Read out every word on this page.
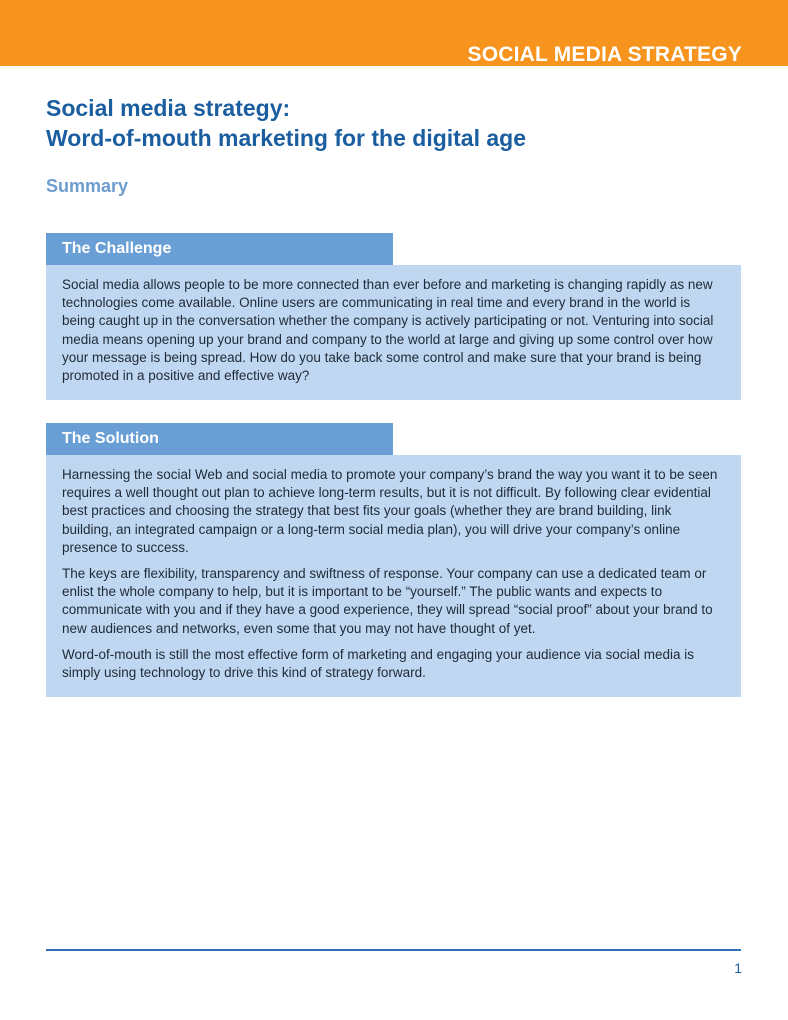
SOCIAL MEDIA STRATEGY
Social media strategy:
Word-of-mouth marketing for the digital age
Summary
The Challenge

Social media allows people to be more connected than ever before and marketing is changing rapidly as new technologies come available. Online users are communicating in real time and every brand in the world is being caught up in the conversation whether the company is actively participating or not. Venturing into social media means opening up your brand and company to the world at large and giving up some control over how your message is being spread. How do you take back some control and make sure that your brand is being promoted in a positive and effective way?

The Solution

Harnessing the social Web and social media to promote your company’s brand the way you want it to be seen requires a well thought out plan to achieve long-term results, but it is not difficult. By following clear evidential best practices and choosing the strategy that best fits your goals (whether they are brand building, link building, an integrated campaign or a long-term social media plan), you will drive your company’s online presence to success.

The keys are flexibility, transparency and swiftness of response. Your company can use a dedicated team or enlist the whole company to help, but it is important to be “yourself.” The public wants and expects to communicate with you and if they have a good experience, they will spread “social proof” about your brand to new audiences and networks, even some that you may not have thought of yet.

Word-of-mouth is still the most effective form of marketing and engaging your audience via social media is simply using technology to drive this kind of strategy forward.

1
